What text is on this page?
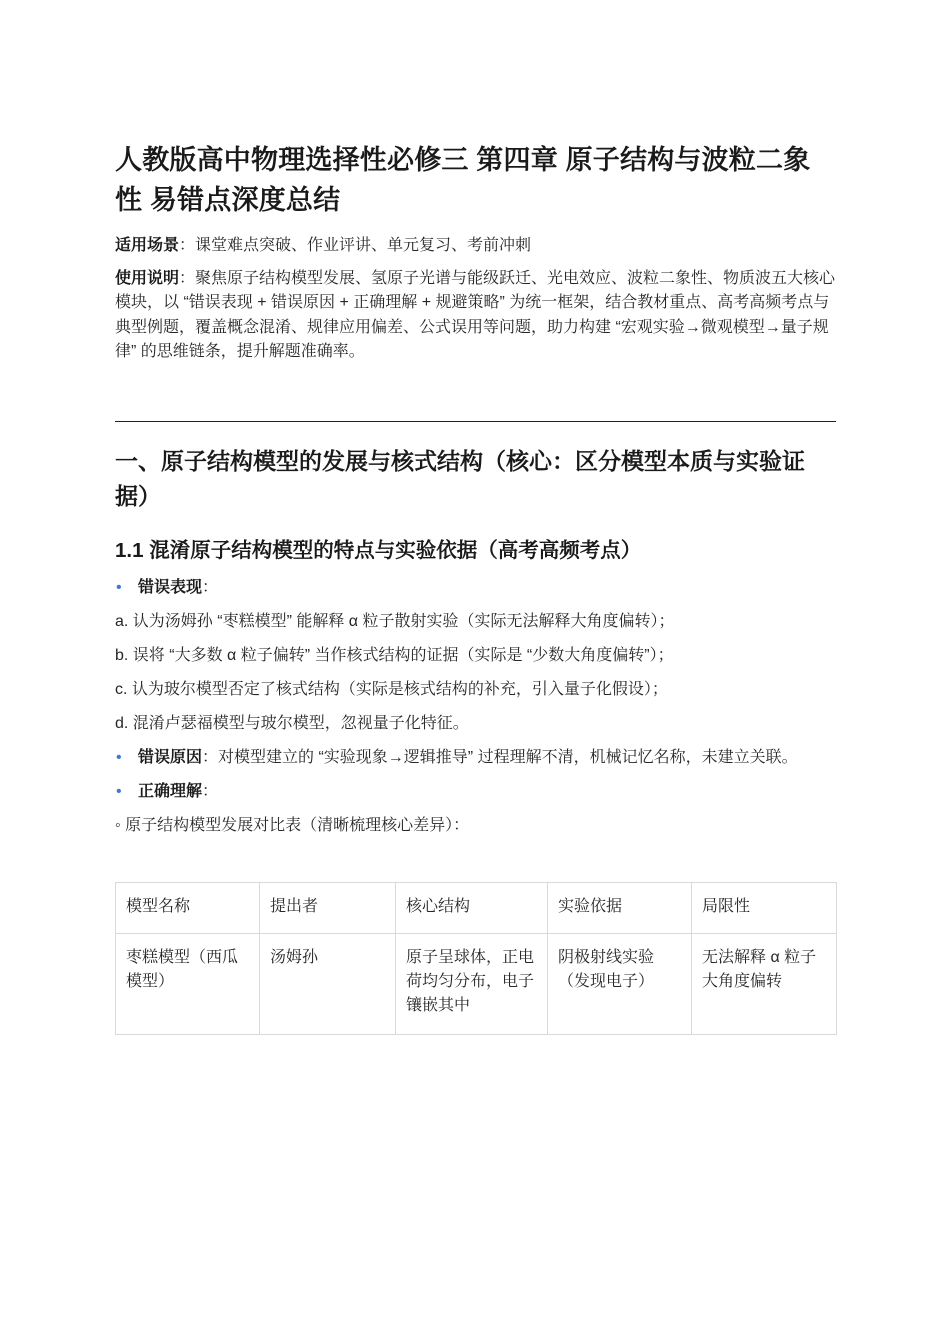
人教版高中物理选择性必修三 第四章 原子结构与波粒二象性 易错点深度总结

适用场景：课堂难点突破、作业评讲、单元复习、考前冲刺

使用说明：聚焦原子结构模型发展、氢原子光谱与能级跃迁、光电效应、波粒二象性、物质波五大核心模块，以 “错误表现 + 错误原因 + 正确理解 + 规避策略” 为统一框架，结合教材重点、高考高频考点与典型例题，覆盖概念混淆、规律应用偏差、公式误用等问题，助力构建 “宏观实验→微观模型→量子规律” 的思维链条，提升解题准确率。

一、原子结构模型的发展与核式结构（核心：区分模型本质与实验证据）
1.1 混淆原子结构模型的特点与实验依据（高考高频考点）
• 错误表现：
a. 认为汤姆孙 “枣糕模型” 能解释 α 粒子散射实验（实际无法解释大角度偏转）；
b. 误将 “大多数 α 粒子偏转” 当作核式结构的证据（实际是 “少数大角度偏转”）；
c. 认为玻尔模型否定了核式结构（实际是核式结构的补充，引入量子化假设）；
d. 混淆卢瑟福模型与玻尔模型，忽视量子化特征。
• 错误原因：对模型建立的 “实验现象→逻辑推导” 过程理解不清，机械记忆名称，未建立关联。
• 正确理解：
◦ 原子结构模型发展对比表（清晰梳理核心差异）：
模型名称	提出者	核心结构	实验依据	局限性
枣糕模型（西瓜模型）	汤姆孙	原子呈球体，正电荷均匀分布，电子镶嵌其中	阴极射线实验（发现电子）	无法解释 α 粒子大角度偏转
